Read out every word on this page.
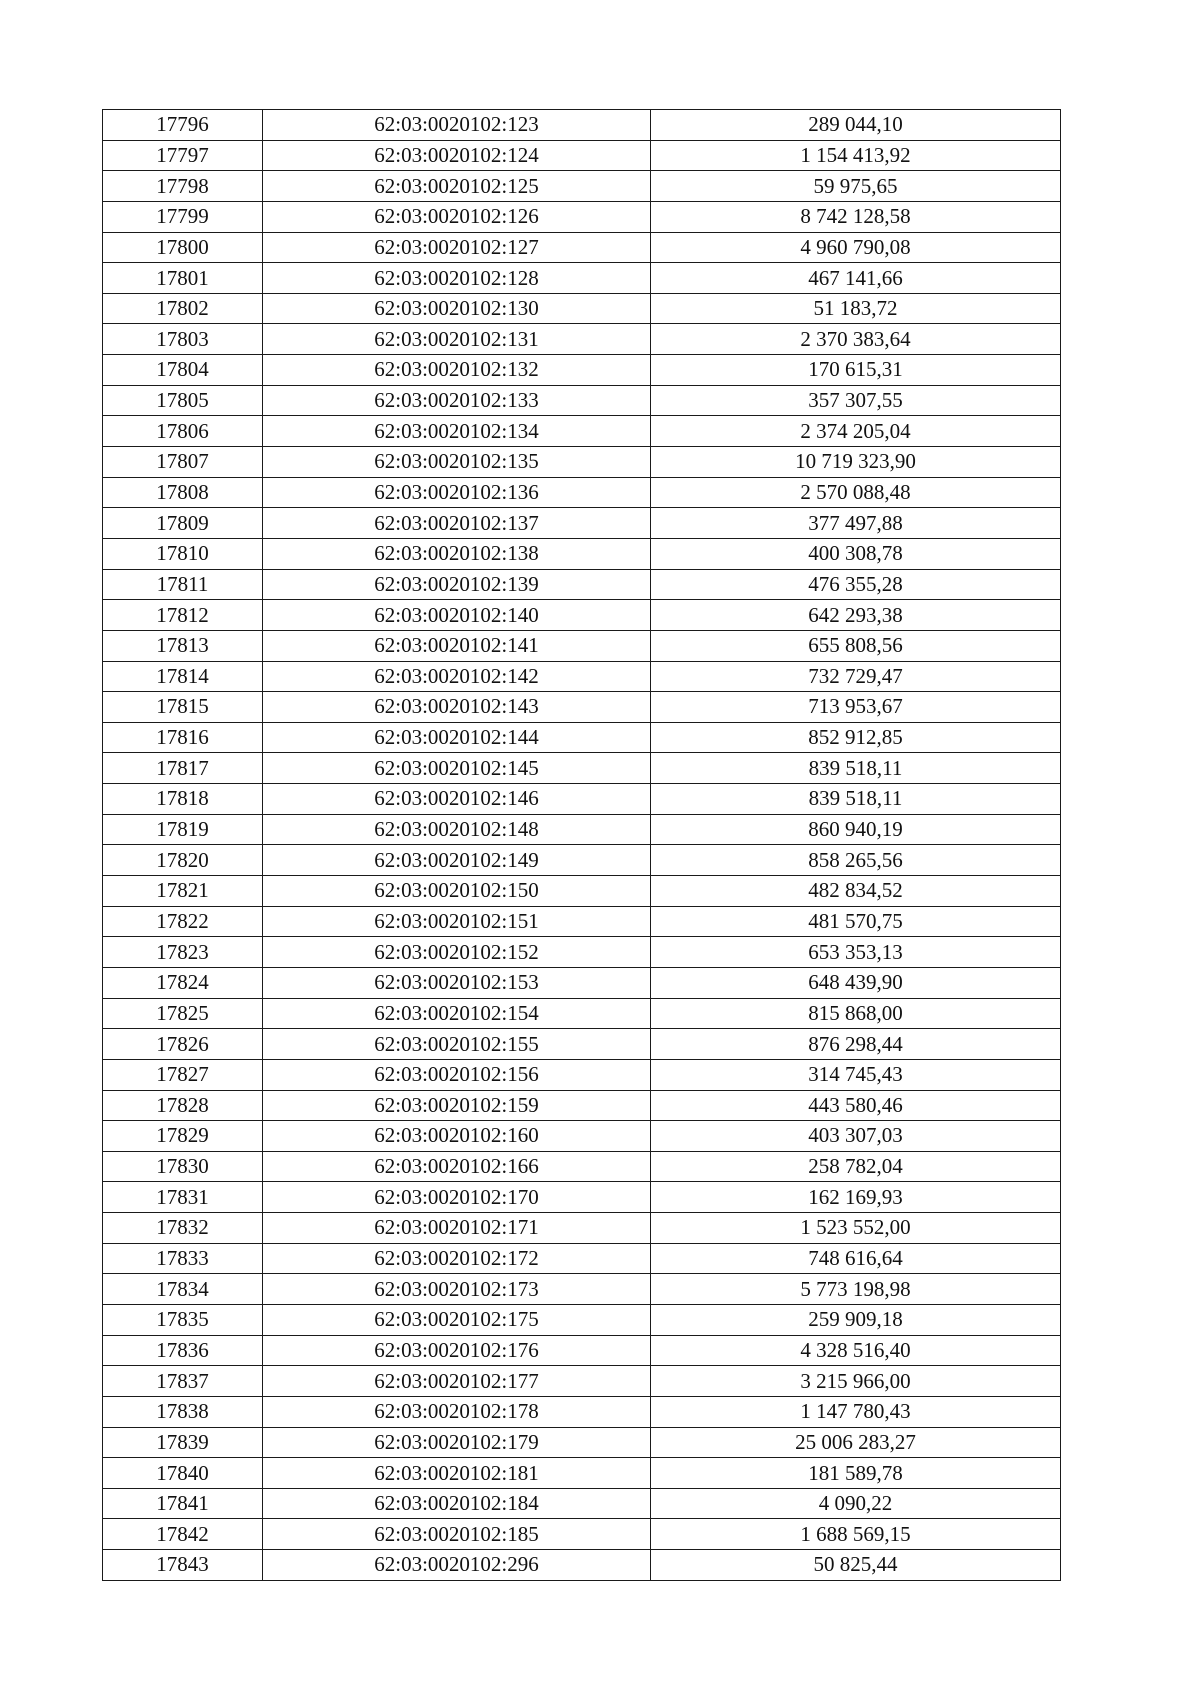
17796	62:03:0020102:123	289 044,10
17797	62:03:0020102:124	1 154 413,92
17798	62:03:0020102:125	59 975,65
17799	62:03:0020102:126	8 742 128,58
17800	62:03:0020102:127	4 960 790,08
17801	62:03:0020102:128	467 141,66
17802	62:03:0020102:130	51 183,72
17803	62:03:0020102:131	2 370 383,64
17804	62:03:0020102:132	170 615,31
17805	62:03:0020102:133	357 307,55
17806	62:03:0020102:134	2 374 205,04
17807	62:03:0020102:135	10 719 323,90
17808	62:03:0020102:136	2 570 088,48
17809	62:03:0020102:137	377 497,88
17810	62:03:0020102:138	400 308,78
17811	62:03:0020102:139	476 355,28
17812	62:03:0020102:140	642 293,38
17813	62:03:0020102:141	655 808,56
17814	62:03:0020102:142	732 729,47
17815	62:03:0020102:143	713 953,67
17816	62:03:0020102:144	852 912,85
17817	62:03:0020102:145	839 518,11
17818	62:03:0020102:146	839 518,11
17819	62:03:0020102:148	860 940,19
17820	62:03:0020102:149	858 265,56
17821	62:03:0020102:150	482 834,52
17822	62:03:0020102:151	481 570,75
17823	62:03:0020102:152	653 353,13
17824	62:03:0020102:153	648 439,90
17825	62:03:0020102:154	815 868,00
17826	62:03:0020102:155	876 298,44
17827	62:03:0020102:156	314 745,43
17828	62:03:0020102:159	443 580,46
17829	62:03:0020102:160	403 307,03
17830	62:03:0020102:166	258 782,04
17831	62:03:0020102:170	162 169,93
17832	62:03:0020102:171	1 523 552,00
17833	62:03:0020102:172	748 616,64
17834	62:03:0020102:173	5 773 198,98
17835	62:03:0020102:175	259 909,18
17836	62:03:0020102:176	4 328 516,40
17837	62:03:0020102:177	3 215 966,00
17838	62:03:0020102:178	1 147 780,43
17839	62:03:0020102:179	25 006 283,27
17840	62:03:0020102:181	181 589,78
17841	62:03:0020102:184	4 090,22
17842	62:03:0020102:185	1 688 569,15
17843	62:03:0020102:296	50 825,44
